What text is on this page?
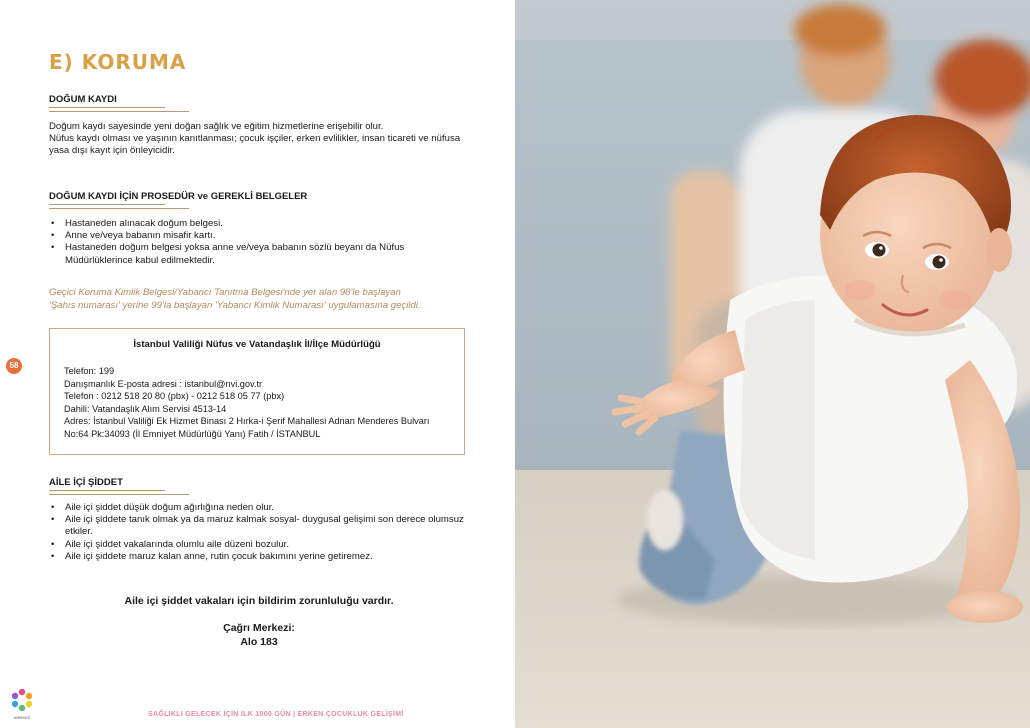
E) KORUMA
DOĞUM KAYDI

Doğum kaydı sayesinde yeni doğan sağlık ve eğitim hizmetlerine erişebilir olur.

Nüfus kaydı olması ve yaşının kanıtlanması; çocuk işçiler, erken evlilikler, insan ticareti ve nüfusa

yasa dışı kayıt için önleyicidir.

DOĞUM KAYDI İÇİN PROSEDÜR ve GEREKLİ BELGELER
• Hastaneden alınacak doğum belgesi.
• Anne ve/veya babanın misafir kartı.
• Hastaneden doğum belgesi yoksa anne ve/veya babanın sözlü beyanı da Nüfus
Müdürlüklerince kabul edilmektedir.

Geçici Koruma Kimlik Belgesi/Yabancı Tanıtma Belgesi'nde yer alan 98'le başlayan

'Şahıs numarası' yerine 99'la başlayan 'Yabancı Kimlik Numarası' uygulamasına geçildi.

İstanbul Valiliği Nüfus ve Vatandaşlık İl/İlçe Müdürlüğü
Telefon: 199
Danışmanlık E-posta adresi : istanbul@nvi.gov.tr
Telefon : 0212 518 20 80 (pbx) - 0212 518 05 77 (pbx)
Dahili: Vatandaşlık Alım Servisi 4513-14
Adres: İstanbul Valiliği Ek Hizmet Binası 2 Hırka-i Şerif Mahallesi Adnan Menderes Bulvarı
No:64 Pk:34093 (İl Emniyet Müdürlüğü Yanı) Fatih / İSTANBUL
58
AİLE İÇİ ŞİDDET
• Aile içi şiddet düşük doğum ağırlığına neden olur.
• Aile içi şiddete tanık olmak ya da maruz kalmak sosyal- duygusal gelişimi son derece olumsuz
etkiler.
• Aile içi şiddet vakalarında olumlu aile düzeni bozulur.
• Aile içi şiddete maruz kalan anne, rutin çocuk bakımını yerine getiremez.
Aile içi şiddet vakaları için bildirim zorunluluğu vardır.
Çağrı Merkezi:
Alo 183
NİRENGİ	SAĞLIKLI GELECEK İÇİN İLK 1000 GÜN | ERKEN ÇOCUKLUK GELİŞİMİ
